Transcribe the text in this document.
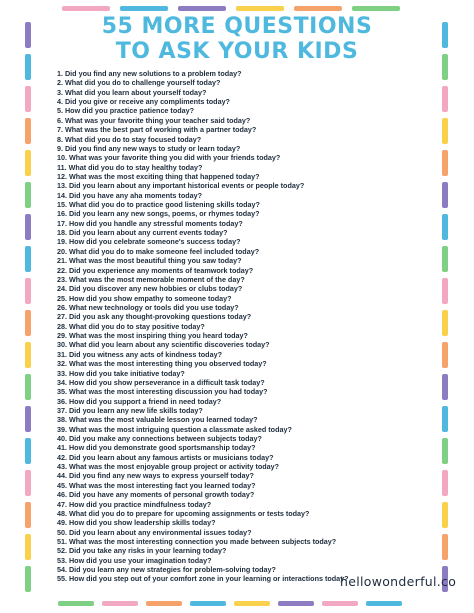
55 MORE QUESTIONS
TO ASK YOUR KIDS
1. Did you find any new solutions to a problem today?
2. What did you do to challenge yourself today?
3. What did you learn about yourself today?
4. Did you give or receive any compliments today?
5. How did you practice patience today?
6. What was your favorite thing your teacher said today?
7. What was the best part of working with a partner today?
8. What did you do to stay focused today?
9. Did you find any new ways to study or learn today?
10. What was your favorite thing you did with your friends today?
11. What did you do to stay healthy today?
12. What was the most exciting thing that happened today?
13. Did you learn about any important historical events or people today?
14. Did you have any aha moments today?
15. What did you do to practice good listening skills today?
16. Did you learn any new songs, poems, or rhymes today?
17. How did you handle any stressful moments today?
18. Did you learn about any current events today?
19. How did you celebrate someone's success today?
20. What did you do to make someone feel included today?
21. What was the most beautiful thing you saw today?
22. Did you experience any moments of teamwork today?
23. What was the most memorable moment of the day?
24. Did you discover any new hobbies or clubs today?
25. How did you show empathy to someone today?
26. What new technology or tools did you use today?
27. Did you ask any thought-provoking questions today?
28. What did you do to stay positive today?
29. What was the most inspiring thing you heard today?
30. What did you learn about any scientific discoveries today?
31. Did you witness any acts of kindness today?
32. What was the most interesting thing you observed today?
33. How did you take initiative today?
34. How did you show perseverance in a difficult task today?
35. What was the most interesting discussion you had today?
36. How did you support a friend in need today?
37. Did you learn any new life skills today?
38. What was the most valuable lesson you learned today?
39. What was the most intriguing question a classmate asked today?
40. Did you make any connections between subjects today?
41. How did you demonstrate good sportsmanship today?
42. Did you learn about any famous artists or musicians today?
43. What was the most enjoyable group project or activity today?
44. Did you find any new ways to express yourself today?
45. What was the most interesting fact you learned today?
46. Did you have any moments of personal growth today?
47. How did you practice mindfulness today?
48. What did you do to prepare for upcoming assignments or tests today?
49. How did you show leadership skills today?
50. Did you learn about any environmental issues today?
51. What was the most interesting connection you made between subjects today?
52. Did you take any risks in your learning today?
53. How did you use your imagination today?
54. Did you learn any new strategies for problem-solving today?
55. How did you step out of your comfort zone in your learning or interactions today?
hellowonderful.co
